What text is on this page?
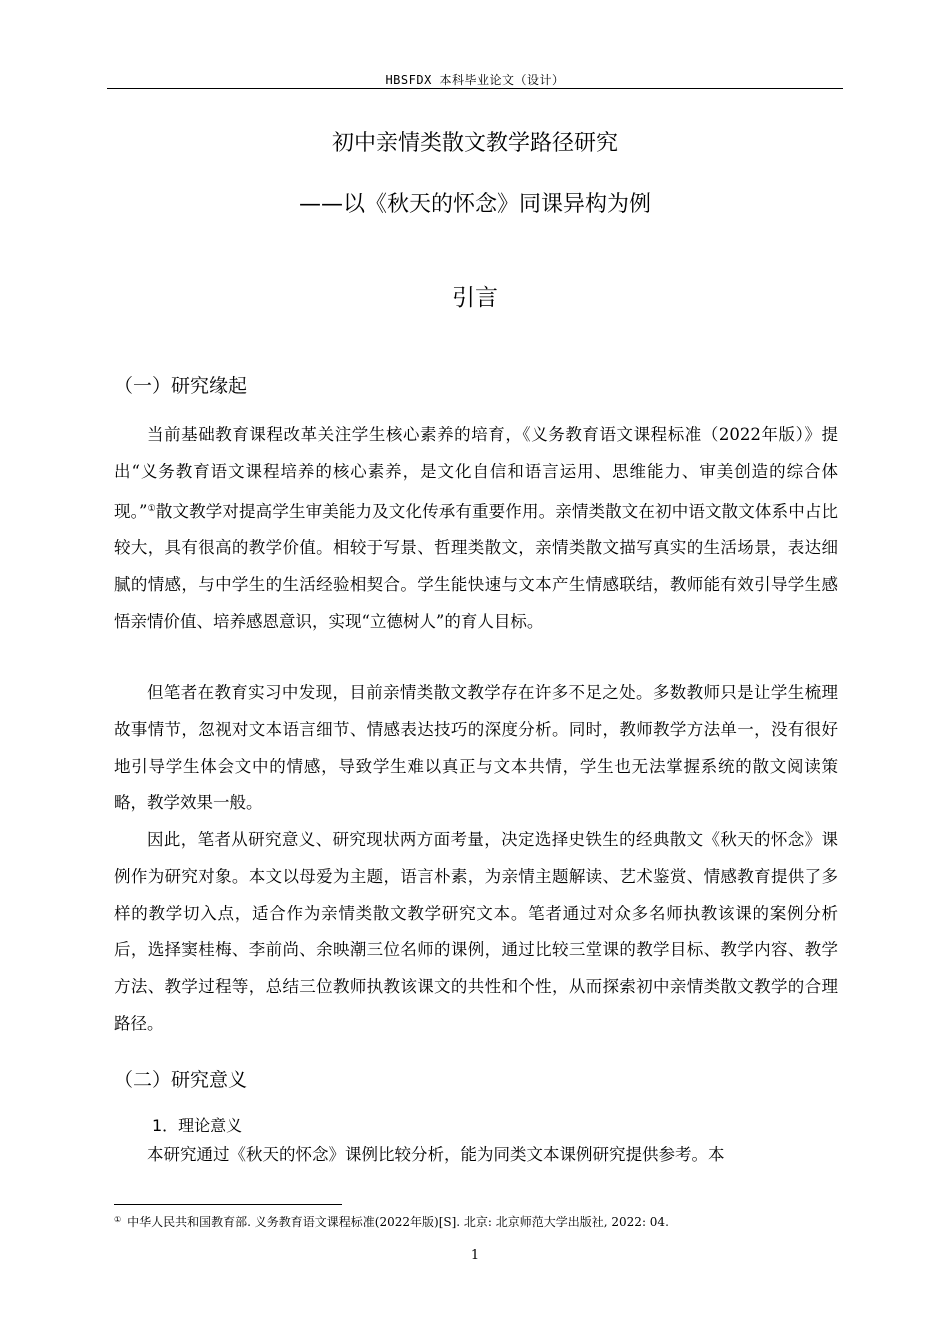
HBSFDX 本科毕业论文（设计）
初中亲情类散文教学路径研究
——以《秋天的怀念》同课异构为例
引言
（一）研究缘起
当前基础教育课程改革关注学生核心素养的培育，《义务教育语文课程标准（2022年版）》提出“义务教育语文课程培养的核心素养，是文化自信和语言运用、思维能力、审美创造的综合体现。”①散文教学对提高学生审美能力及文化传承有重要作用。亲情类散文在初中语文散文体系中占比较大，具有很高的教学价值。相较于写景、哲理类散文，亲情类散文描写真实的生活场景，表达细腻的情感，与中学生的生活经验相契合。学生能快速与文本产生情感联结，教师能有效引导学生感悟亲情价值、培养感恩意识，实现“立德树人”的育人目标。
但笔者在教育实习中发现，目前亲情类散文教学存在许多不足之处。多数教师只是让学生梳理故事情节，忽视对文本语言细节、情感表达技巧的深度分析。同时，教师教学方法单一，没有很好地引导学生体会文中的情感，导致学生难以真正与文本共情，学生也无法掌握系统的散文阅读策略，教学效果一般。
因此，笔者从研究意义、研究现状两方面考量，决定选择史铁生的经典散文《秋天的怀念》课例作为研究对象。本文以母爱为主题，语言朴素，为亲情主题解读、艺术鉴赏、情感教育提供了多样的教学切入点，适合作为亲情类散文教学研究文本。笔者通过对众多名师执教该课的案例分析后，选择窦桂梅、李前尚、余映潮三位名师的课例，通过比较三堂课的教学目标、教学内容、教学方法、教学过程等，总结三位教师执教该课文的共性和个性，从而探索初中亲情类散文教学的合理路径。
（二）研究意义
1．理论意义
本研究通过《秋天的怀念》课例比较分析，能为同类文本课例研究提供参考。本
① 中华人民共和国教育部. 义务教育语文课程标准(2022年版)[S]. 北京: 北京师范大学出版社, 2022: 04.
1
